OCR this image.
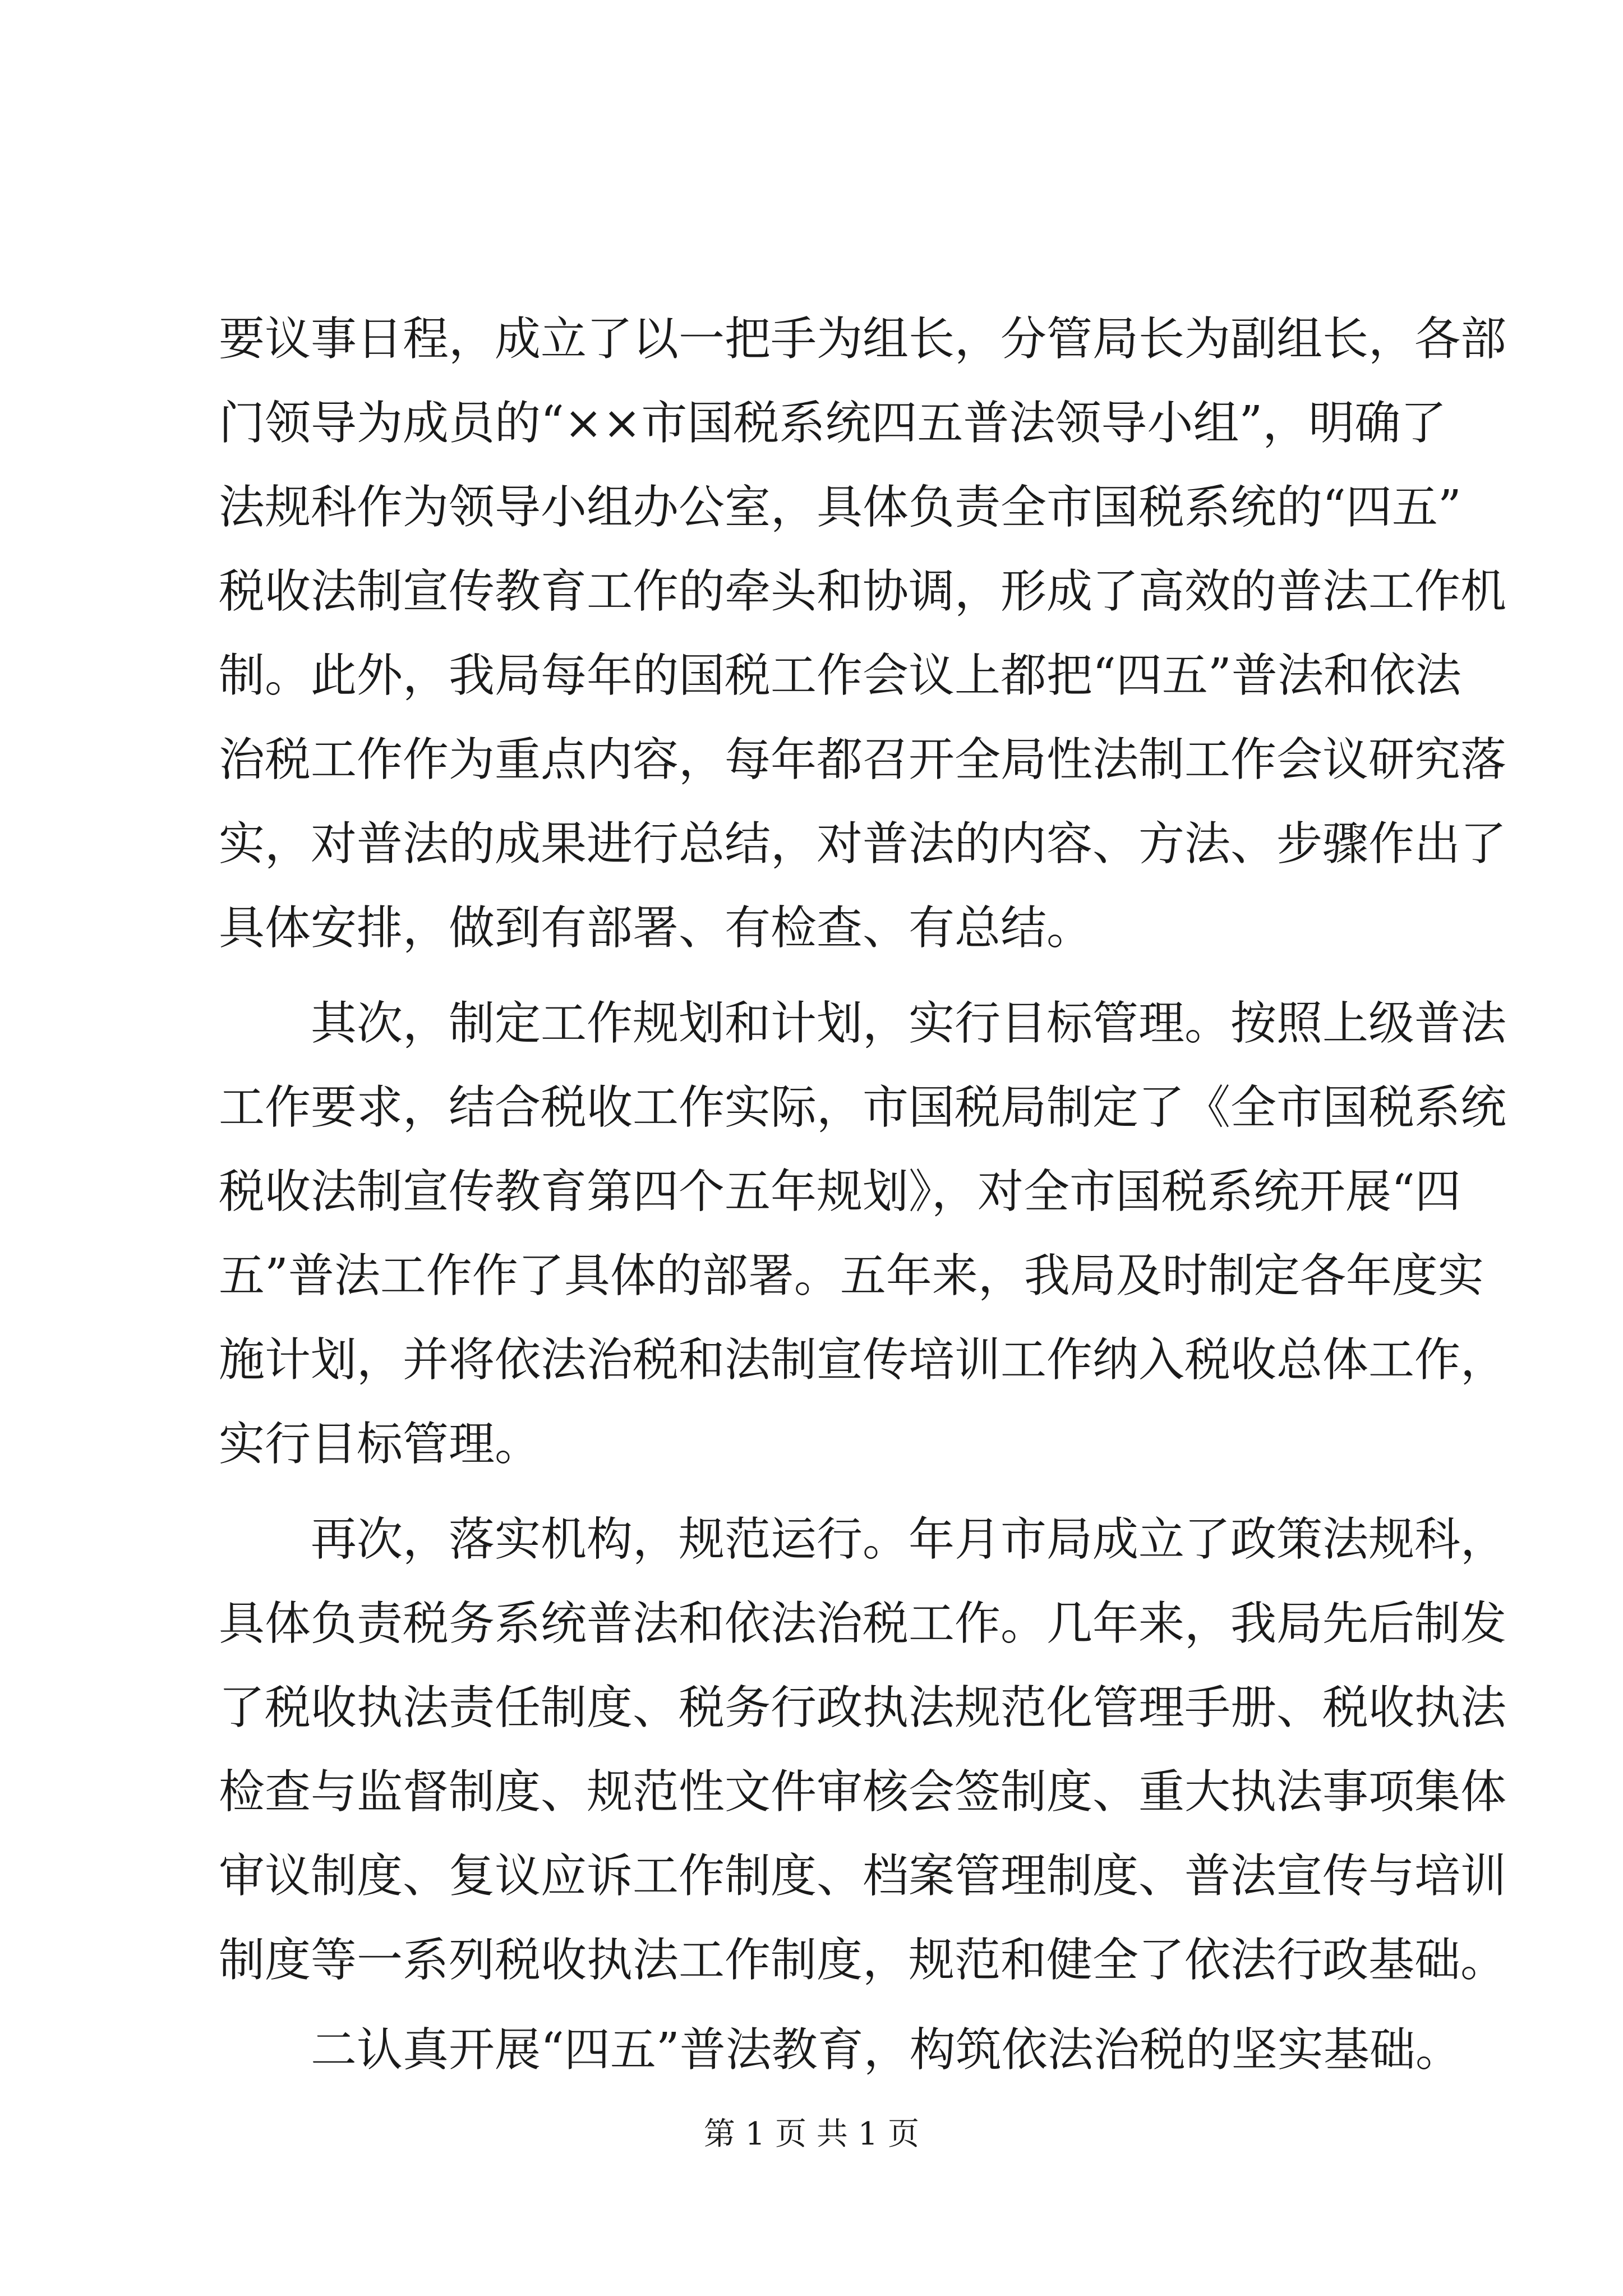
要议事日程，成立了以一把手为组长，分管局长为副组长，各部
门领导为成员的“××市国税系统四五普法领导小组”，明确了
法规科作为领导小组办公室，具体负责全市国税系统的“四五”
税收法制宣传教育工作的牵头和协调，形成了高效的普法工作机
制。此外，我局每年的国税工作会议上都把“四五”普法和依法
治税工作作为重点内容，每年都召开全局性法制工作会议研究落
实，对普法的成果进行总结，对普法的内容、方法、步骤作出了
具体安排，做到有部署、有检查、有总结。
其次，制定工作规划和计划，实行目标管理。按照上级普法
工作要求，结合税收工作实际，市国税局制定了《全市国税系统
税收法制宣传教育第四个五年规划》，对全市国税系统开展“四
五”普法工作作了具体的部署。五年来，我局及时制定各年度实
施计划，并将依法治税和法制宣传培训工作纳入税收总体工作，
实行目标管理。
再次，落实机构，规范运行。年月市局成立了政策法规科，
具体负责税务系统普法和依法治税工作。几年来，我局先后制发
了税收执法责任制度、税务行政执法规范化管理手册、税收执法
检查与监督制度、规范性文件审核会签制度、重大执法事项集体
审议制度、复议应诉工作制度、档案管理制度、普法宣传与培训
制度等一系列税收执法工作制度，规范和健全了依法行政基础。
二认真开展“四五”普法教育，构筑依法治税的坚实基础。
第 1 页 共 1 页
